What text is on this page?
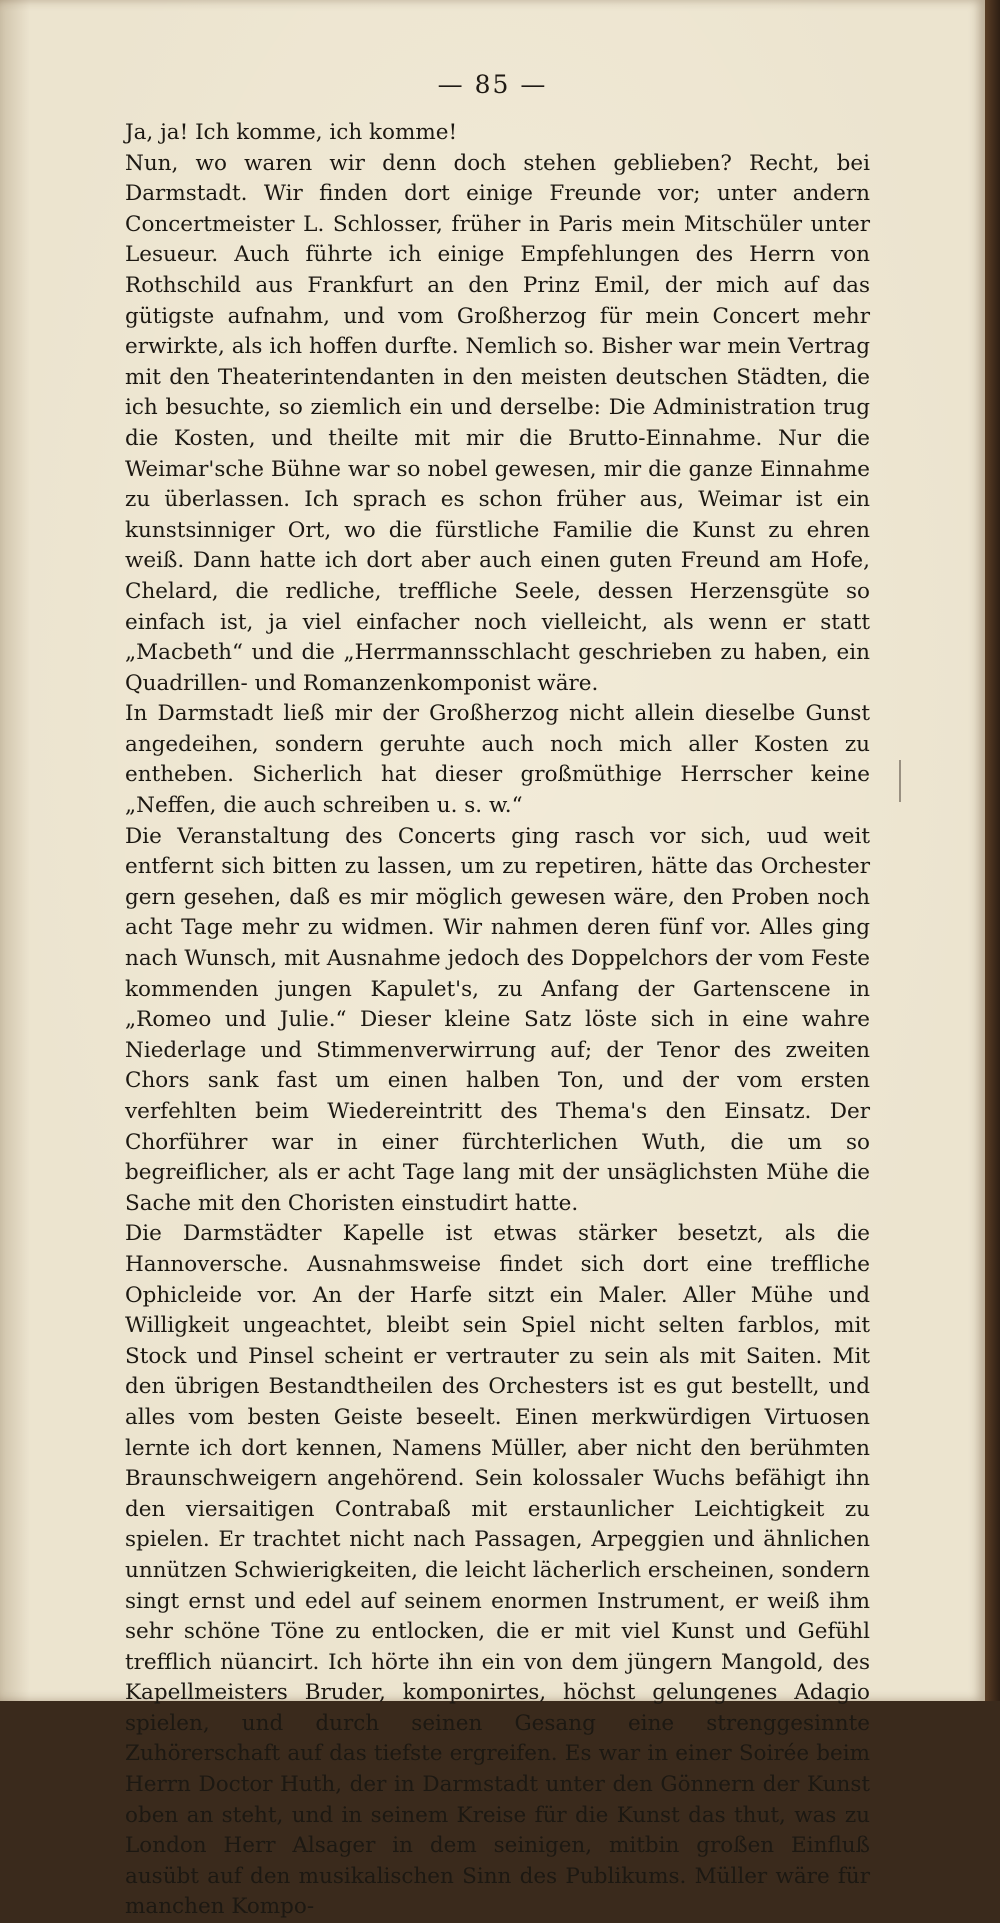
— 85 —

Ja, ja! Ich komme, ich komme!

Nun, wo waren wir denn doch stehen geblieben? Recht, bei Darmstadt. Wir finden dort einige Freunde vor; unter andern Concertmeister L. Schlosser, früher in Paris mein Mitschüler unter Lesueur. Auch führte ich einige Empfehlungen des Herrn von Rothschild aus Frankfurt an den Prinz Emil, der mich auf das gütigste aufnahm, und vom Großherzog für mein Concert mehr erwirkte, als ich hoffen durfte. Nemlich so. Bisher war mein Vertrag mit den Theaterintendanten in den meisten deutschen Städten, die ich besuchte, so ziemlich ein und derselbe: Die Administration trug die Kosten, und theilte mit mir die Brutto-Einnahme. Nur die Weimar'sche Bühne war so nobel gewesen, mir die ganze Einnahme zu überlassen. Ich sprach es schon früher aus, Weimar ist ein kunstsinniger Ort, wo die fürstliche Familie die Kunst zu ehren weiß. Dann hatte ich dort aber auch einen guten Freund am Hofe, Chelard, die redliche, treffliche Seele, dessen Herzensgüte so einfach ist, ja viel einfacher noch vielleicht, als wenn er statt „Macbeth“ und die „Herrmannsschlacht geschrieben zu haben, ein Quadrillen- und Romanzenkomponist wäre.

In Darmstadt ließ mir der Großherzog nicht allein dieselbe Gunst angedeihen, sondern geruhte auch noch mich aller Kosten zu entheben. Sicherlich hat dieser großmüthige Herrscher keine „Neffen, die auch schreiben u. s. w.“

Die Veranstaltung des Concerts ging rasch vor sich, uud weit entfernt sich bitten zu lassen, um zu repetiren, hätte das Orchester gern gesehen, daß es mir möglich gewesen wäre, den Proben noch acht Tage mehr zu widmen. Wir nahmen deren fünf vor. Alles ging nach Wunsch, mit Ausnahme jedoch des Doppelchors der vom Feste kommenden jungen Kapulet's, zu Anfang der Gartenscene in „Romeo und Julie.“ Dieser kleine Satz löste sich in eine wahre Niederlage und Stimmenverwirrung auf; der Tenor des zweiten Chors sank fast um einen halben Ton, und der vom ersten verfehlten beim Wiedereintritt des Thema's den Einsatz. Der Chorführer war in einer fürchterlichen Wuth, die um so begreiflicher, als er acht Tage lang mit der unsäglichsten Mühe die Sache mit den Choristen einstudirt hatte.

Die Darmstädter Kapelle ist etwas stärker besetzt, als die Hannoversche. Ausnahmsweise findet sich dort eine treffliche Ophicleide vor. An der Harfe sitzt ein Maler. Aller Mühe und Willigkeit ungeachtet, bleibt sein Spiel nicht selten farblos, mit Stock und Pinsel scheint er vertrauter zu sein als mit Saiten. Mit den übrigen Bestandtheilen des Orchesters ist es gut bestellt, und alles vom besten Geiste beseelt. Einen merkwürdigen Virtuosen lernte ich dort kennen, Namens Müller, aber nicht den berühmten Braunschweigern angehörend. Sein kolossaler Wuchs befähigt ihn den viersaitigen Contrabaß mit erstaunlicher Leichtigkeit zu spielen. Er trachtet nicht nach Passagen, Arpeggien und ähnlichen unnützen Schwierigkeiten, die leicht lächerlich erscheinen, sondern singt ernst und edel auf seinem enormen Instrument, er weiß ihm sehr schöne Töne zu entlocken, die er mit viel Kunst und Gefühl trefflich nüancirt. Ich hörte ihn ein von dem jüngern Mangold, des Kapellmeisters Bruder, komponirtes, höchst gelungenes Adagio spielen, und durch seinen Gesang eine strenggesinnte Zuhörerschaft auf das tiefste ergreifen. Es war in einer Soirée beim Herrn Doctor Huth, der in Darmstadt unter den Gönnern der Kunst oben an steht, und in seinem Kreise für die Kunst das thut, was zu London Herr Alsager in dem seinigen, mitbin großen Einfluß ausübt auf den musikalischen Sinn des Publikums. Müller wäre für manchen Kompo-
